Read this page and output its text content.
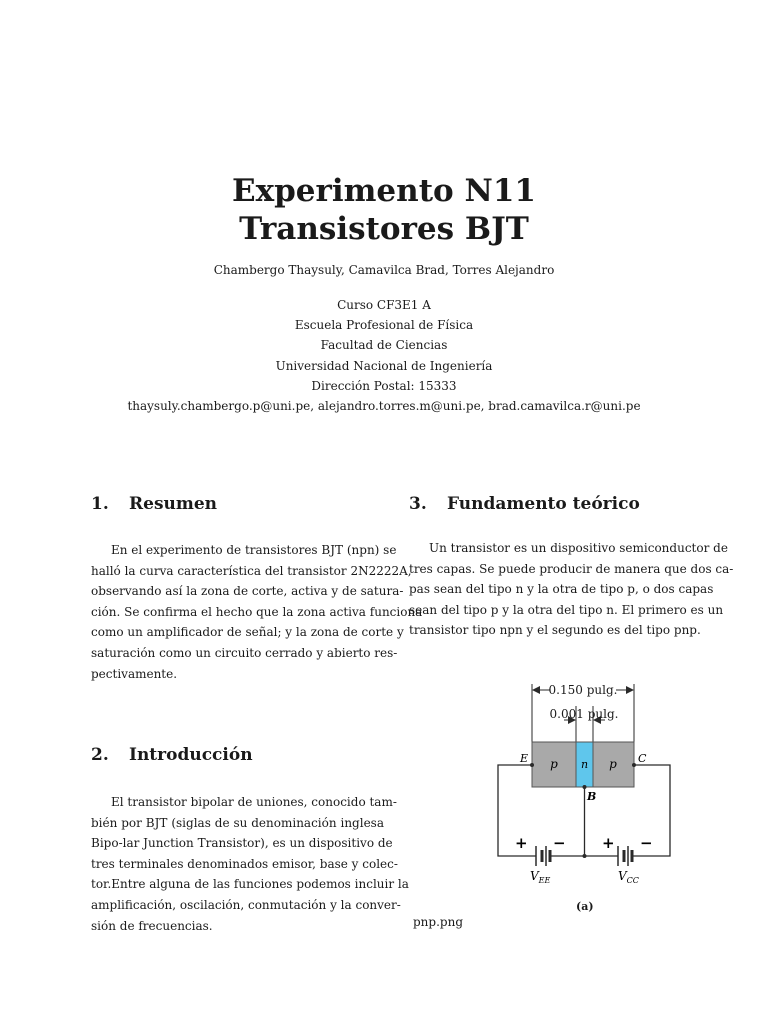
Experimento N11
Transistores BJT
Chambergo Thaysuly, Camavilca Brad, Torres Alejandro
Curso CF3E1 A
Escuela Profesional de Física
Facultad de Ciencias
Universidad Nacional de Ingeniería
Dirección Postal: 15333
thaysuly.chambergo.p@uni.pe, alejandro.torres.m@uni.pe, brad.camavilca.r@uni.pe
1. Resumen
En el experimento de transistores BJT (npn) se
halló la curva característica del transistor 2N2222A,
observando así la zona de corte, activa y de satura-
ción. Se confirma el hecho que la zona activa funciona
como un amplificador de señal; y la zona de corte y
saturación como un circuito cerrado y abierto res-
pectivamente.
2. Introducción
El transistor bipolar de uniones, conocido tam-
bién por BJT (siglas de su denominación inglesa
Bipo-lar Junction Transistor), es un dispositivo de
tres terminales denominados emisor, base y colec-
tor.Entre alguna de las funciones podemos incluir la
amplificación, oscilación, conmutación y la conver-
sión de frecuencias.
3. Fundamento teórico
Un transistor es un dispositivo semiconductor de
tres capas. Se puede producir de manera que dos ca-
pas sean del tipo n y la otra de tipo p, o dos capas
sean del tipo p y la otra del tipo n. El primero es un
transistor tipo npn y el segundo es del tipo pnp.
0.150 pulg.
0.001 pulg.
p n p
E	C
B
+ −
$V_{EE}$
+ −
$V_{CC}$
(a)
pnp.png
